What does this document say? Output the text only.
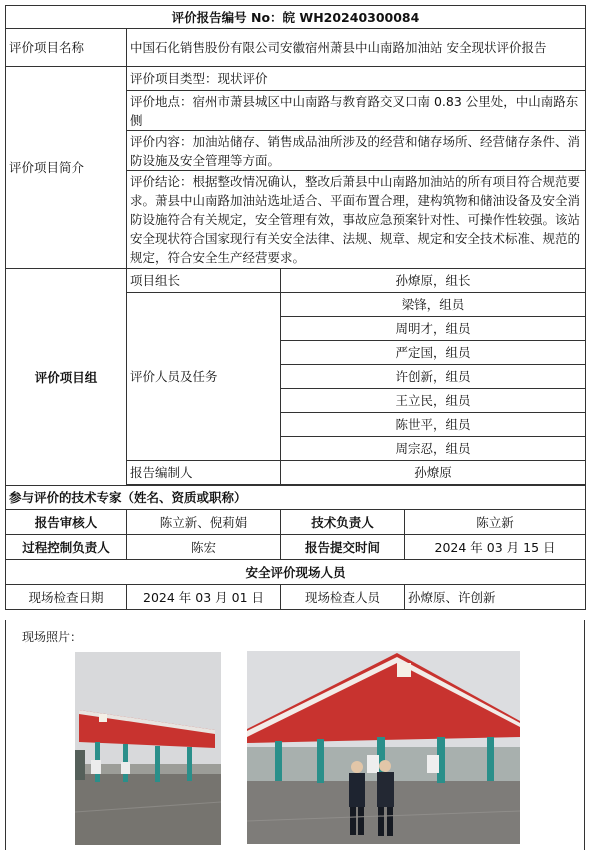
评价报告编号 No：皖 WH20240300084			
评价项目名称	中国石化销售股份有限公司安徽宿州萧县中山南路加油站 安全现状评价报告		
评价项目简介	评价项目类型：现状评价		
	评价地点：宿州市萧县城区中山南路与教育路交叉口南 0.83 公里处，中山南路东侧		
	评价内容：加油站储存、销售成品油所涉及的经营和储存场所、经营储存条件、消防设施及安全管理等方面。		
	评价结论：根据整改情况确认，整改后萧县中山南路加油站的所有项目符合规范要求。萧县中山南路加油站选址适合、平面布置合理，建构筑物和储油设备及安全消防设施符合有关规定，安全管理有效，事故应急预案针对性、可操作性较强。该站安全现状符合国家现行有关安全法律、法规、规章、规定和安全技术标准、规范的规定，符合安全生产经营要求。		
评价项目组	项目组长	孙燎原，组长	
	评价人员及任务	梁锋，组员	
		周明才，组员	
		严定国，组员	
		许创新，组员	
		王立民，组员	
		陈世平，组员	
		周宗忍，组员	
	报告编制人	孙燎原	

参与评价的技术专家（姓名、资质或职称）			
报告审核人	陈立新、倪莉娟	技术负责人	陈立新
过程控制负责人	陈宏	报告提交时间	2024 年 03 月 15 日
安全评价现场人员			
现场检查日期	2024 年 03 月 01 日	现场检查人员	孙燎原、许创新
现场照片：
